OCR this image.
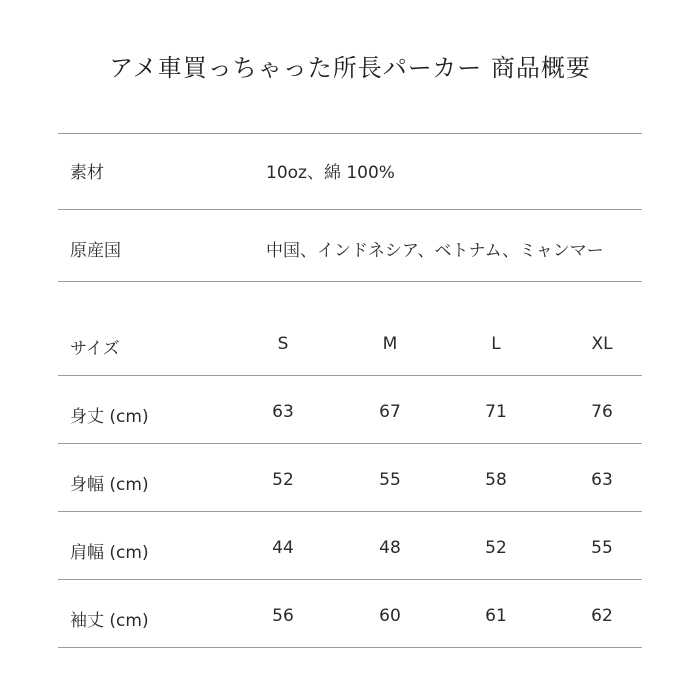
アメ車買っちゃった所長パーカー 商品概要
素材	10oz、綿 100%
原産国	中国、インドネシア、ベトナム、ミャンマー
サイズ	S	M	L	XL
身丈 (cm)	63	67	71	76
身幅 (cm)	52	55	58	63
肩幅 (cm)	44	48	52	55
袖丈 (cm)	56	60	61	62
